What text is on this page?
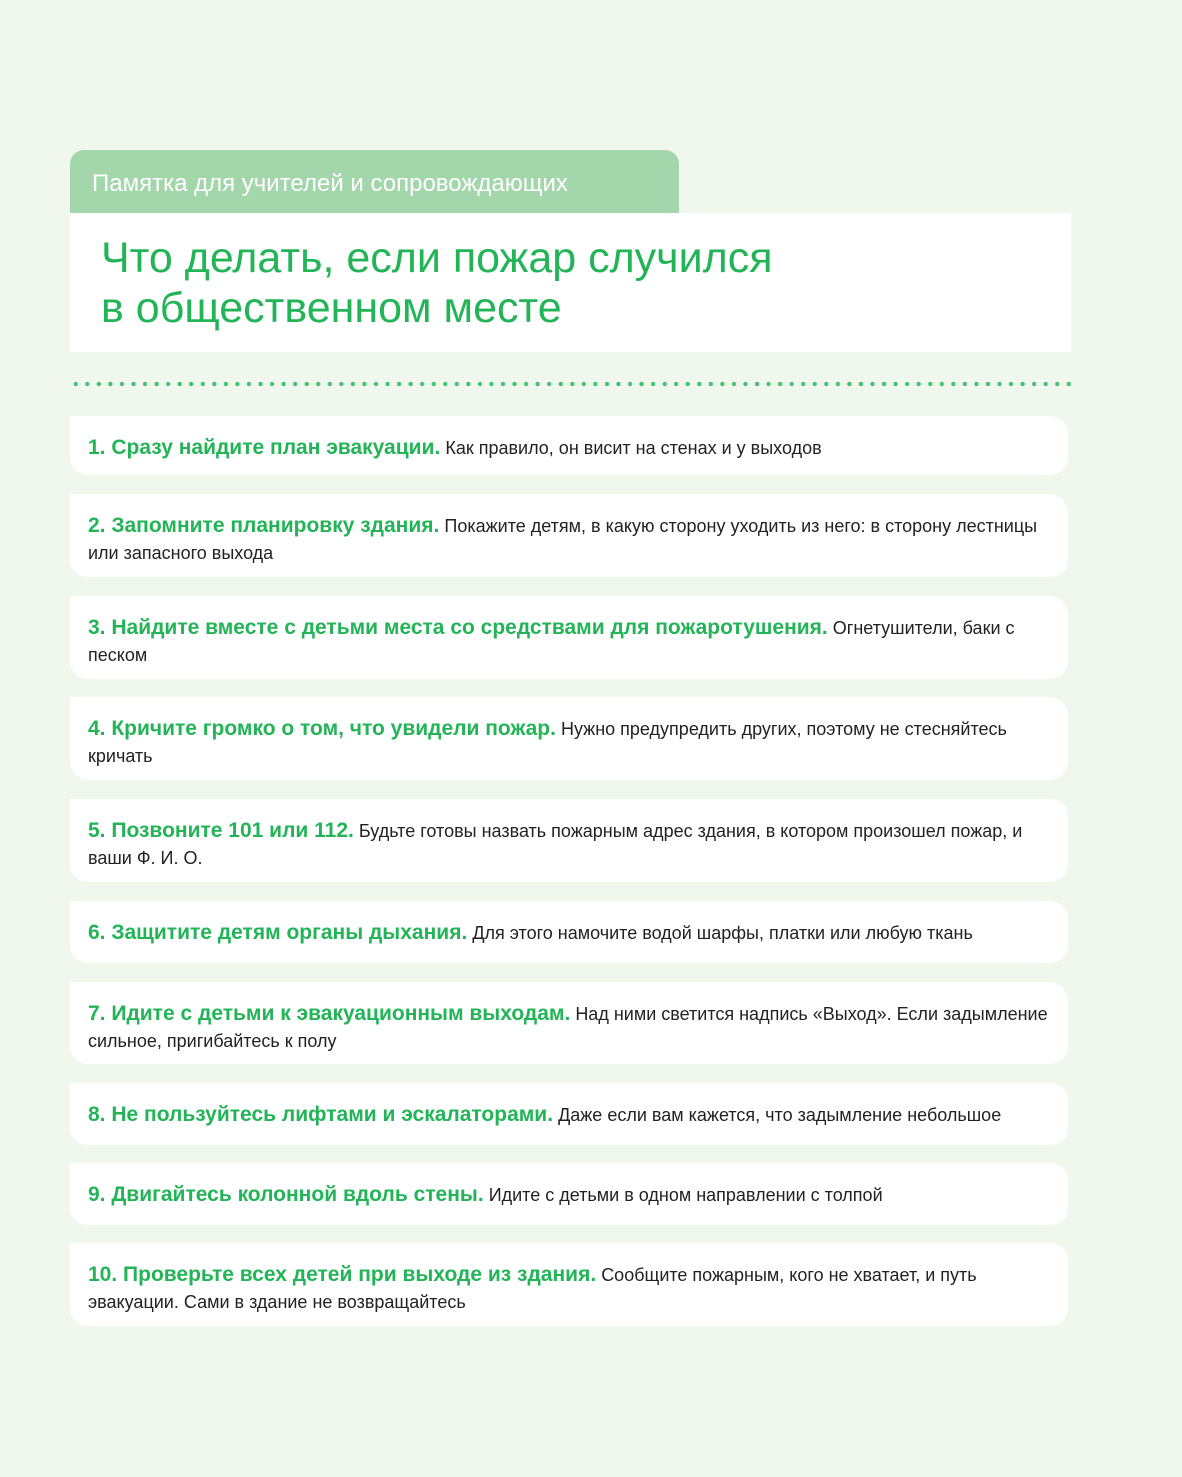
Памятка для учителей и сопровождающих
Что делать, если пожар случился
в общественном месте
1. Сразу найдите план эвакуации. Как правило, он висит на стенах и у выходов
2. Запомните планировку здания. Покажите детям, в какую сторону уходить из него: в сторону лестницы или запасного выхода
3. Найдите вместе с детьми места со средствами для пожаротушения. Огнетушители, баки с песком
4. Кричите громко о том, что увидели пожар. Нужно предупредить других, поэтому не стесняйтесь кричать
5. Позвоните 101 или 112. Будьте готовы назвать пожарным адрес здания, в котором произошел пожар, и ваши Ф. И. О.
6. Защитите детям органы дыхания. Для этого намочите водой шарфы, платки или любую ткань
7. Идите с детьми к эвакуационным выходам. Над ними светится надпись «Выход». Если задымление сильное, пригибайтесь к полу
8. Не пользуйтесь лифтами и эскалаторами. Даже если вам кажется, что задымление небольшое
9. Двигайтесь колонной вдоль стены. Идите с детьми в одном направлении с толпой
10. Проверьте всех детей при выходе из здания. Сообщите пожарным, кого не хватает, и путь эвакуации. Сами в здание не возвращайтесь
